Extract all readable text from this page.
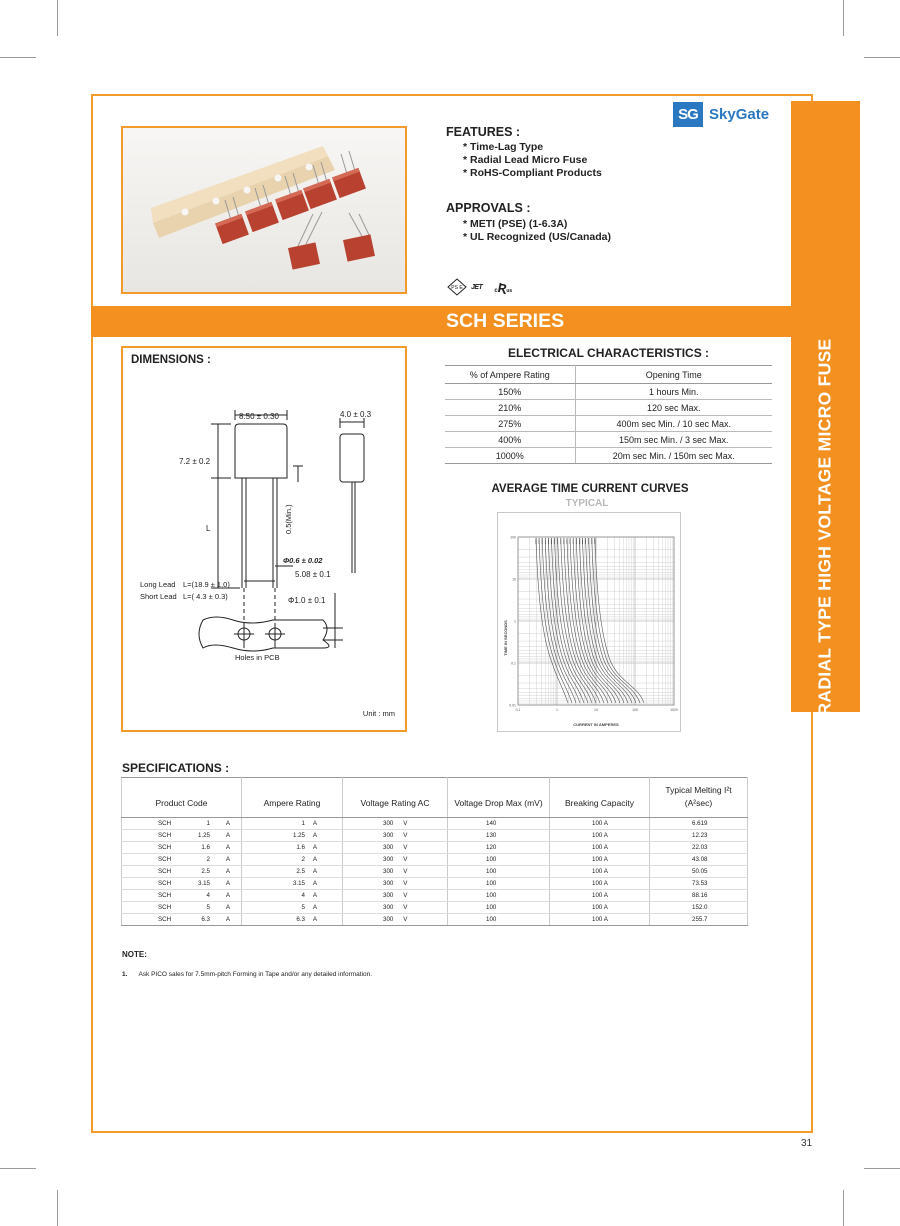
RADIAL TYPE HIGH VOLTAGE MICRO FUSE
SG SkyGate
FEATURES :
* Time-Lag Type
* Radial Lead Micro Fuse
* RoHS-Compliant Products
APPROVALS :
* METI (PSE) (1-6.3A)
* UL Recognized (US/Canada)
PS E JET c Ʀ us
SCH SERIES
DIMENSIONS :
8.50 ± 0.30	4.0 ± 0.3
7.2 ± 0.2
L	0.5(Min.)
Φ0.6 ± 0.02
5.08 ± 0.1
Long Lead L=(18.9 ± 1.0)
Short Lead L=( 4.3 ± 0.3)	Φ1.0 ± 0.1
Holes in PCB
Unit : mm
ELECTRICAL CHARACTERISTICS :
% of Ampere Rating	Opening Time
150%	1 hours Min.
210%	120 sec Max.
275%	400m sec Min. / 10 sec Max.
400%	150m sec Min. / 3 sec Max.
1000%	20m sec Min. / 150m sec Max.
AVERAGE TIME CURRENT CURVES
TYPICAL
100
10
1
0.1
0.01
0.1	1	10	100	1000
TIME IN SECONDS
CURRENT IN AMPERES
SPECIFICATIONS :
Product Code	Ampere Rating	Voltage Rating AC	Voltage Drop Max (mV)	Breaking Capacity	Typical Melting I²t
(A²sec)
SCH 1 A	1 A	300 V	140	100 A	6.619
SCH 1.25 A	1.25 A	300 V	130	100 A	12.23
SCH 1.6 A	1.6 A	300 V	120	100 A	22.03
SCH 2 A	2 A	300 V	100	100 A	43.08
SCH 2.5 A	2.5 A	300 V	100	100 A	50.05
SCH 3.15 A	3.15 A	300 V	100	100 A	73.53
SCH 4 A	4 A	300 V	100	100 A	88.16
SCH 5 A	5 A	300 V	100	100 A	152.0
SCH 6.3 A	6.3 A	300 V	100	100 A	255.7
NOTE:
1. Ask PICO sales for 7.5mm-pitch Forming in Tape and/or any detailed information.
31
